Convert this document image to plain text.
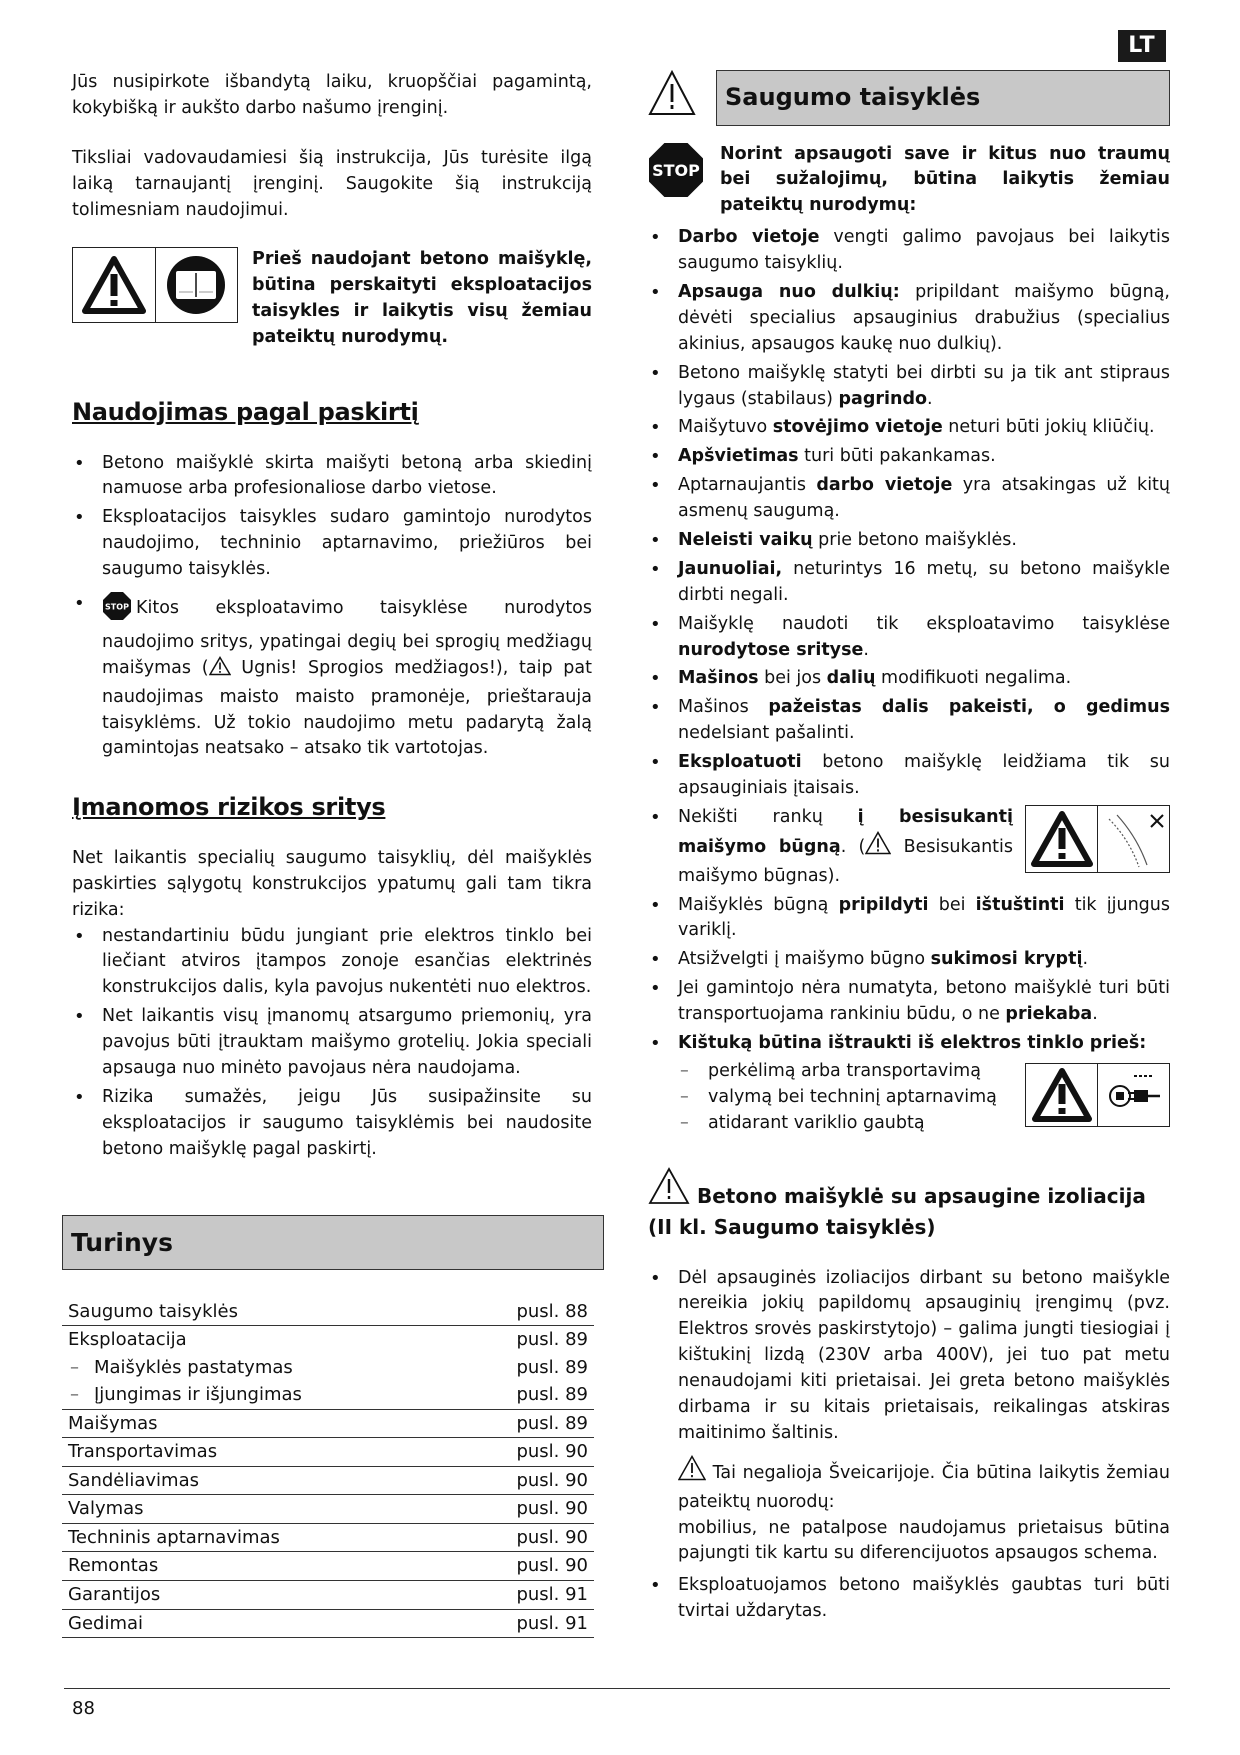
LT

Jūs nusipirkote išbandytą laiku, kruopščiai pagamintą, kokybišką ir aukšto darbo našumo įrenginį.

Tiksliai vadovaudamiesi šią instrukcija, Jūs turėsite ilgą laiką tarnaujantį įrenginį. Saugokite šią instrukciją tolimesniam naudojimui.

Prieš naudojant betono maišyklę, būtina perskaityti eksploatacijos taisykles ir laikytis visų žemiau pateiktų nurodymų.

Naudojimas pagal paskirtį
• Betono maišyklė skirta maišyti betoną arba skiedinį namuose arba profesionaliose darbo vietose.
• Eksploatacijos taisykles sudaro gamintojo nurodytos naudojimo, techninio aptarnavimo, priežiūros bei saugumo taisyklės.
• STOP Kitos eksploatavimo taisyklėse nurodytos naudojimo sritys, ypatingai degių bei sprogių medžiagų maišymas ( Ugnis! Sprogios medžiagos!), taip pat naudojimas maisto maisto pramonėje, prieštarauja taisyklėms. Už tokio naudojimo metu padarytą žalą gamintojas neatsako – atsako tik vartotojas.
Įmanomos rizikos sritys

Net laikantis specialių saugumo taisyklių, dėl maišyklės paskirties sąlygotų konstrukcijos ypatumų gali tam tikra rizika:

• nestandartiniu būdu jungiant prie elektros tinklo bei liečiant atviros įtampos zonoje esančias elektrinės konstrukcijos dalis, kyla pavojus nukentėti nuo elektros.
• Net laikantis visų įmanomų atsargumo priemonių, yra pavojus būti įtrauktam maišymo grotelių. Jokia speciali apsauga nuo minėto pavojaus nėra naudojama.
• Rizika sumažės, jeigu Jūs susipažinsite su eksploatacijos ir saugumo taisyklėmis bei naudosite betono maišyklę pagal paskirtį.
Turinys
Saugumo taisyklės	pusl. 88
Eksploatacija	pusl. 89
– Maišyklės pastatymas	pusl. 89
– Įjungimas ir išjungimas	pusl. 89
Maišymas	pusl. 89
Transportavimas	pusl. 90
Sandėliavimas	pusl. 90
Valymas	pusl. 90
Techninis aptarnavimas	pusl. 90
Remontas	pusl. 90
Garantijos	pusl. 91
Gedimai	pusl. 91
Saugumo taisyklės
STOP
Norint apsaugoti save ir kitus nuo traumų bei sužalojimų, būtina laikytis žemiau pateiktų nurodymų:
• Darbo vietoje vengti galimo pavojaus bei laikytis saugumo taisyklių.
• Apsauga nuo dulkių: pripildant maišymo būgną, dėvėti specialius apsauginius drabužius (specialius akinius, apsaugos kaukę nuo dulkių).
• Betono maišyklę statyti bei dirbti su ja tik ant stipraus lygaus (stabilaus) pagrindo.
• Maišytuvo stovėjimo vietoje neturi būti jokių kliūčių.
• Apšvietimas turi būti pakankamas.
• Aptarnaujantis darbo vietoje yra atsakingas už kitų asmenų saugumą.
• Neleisti vaikų prie betono maišyklės.
• Jaunuoliai, neturintys 16 metų, su betono maišykle dirbti negali.
• Maišyklę naudoti tik eksploatavimo taisyklėse nurodytose srityse.
• Mašinos bei jos dalių modifikuoti negalima.
• Mašinos pažeistas dalis pakeisti, o gedimus nedelsiant pašalinti.
• Eksploatuoti betono maišyklę leidžiama tik su apsauginiais įtaisais.
• Nekišti rankų į besisukantį maišymo būgną. ( Besisukantis maišymo būgnas).
• Maišyklės būgną pripildyti bei ištuštinti tik įjungus variklį.
• Atsižvelgti į maišymo būgno sukimosi kryptį.
• Jei gamintojo nėra numatyta, betono maišyklė turi būti transportuojama rankiniu būdu, o ne priekaba.
• Kištuką būtina ištraukti iš elektros tinklo prieš:
– perkėlimą arba transportavimą
– valymą bei techninį aptarnavimą
– atidarant variklio gaubtą
Betono maišyklė su apsaugine izoliacija
(II kl. Saugumo taisyklės)

• Dėl apsauginės izoliacijos dirbant su betono maišykle nereikia jokių papildomų apsauginių įrengimų (pvz. Elektros srovės paskirstytojo) – galima jungti tiesiogiai į kištukinį lizdą (230V arba 400V), jei tuo pat metu nenaudojami kiti prietaisai. Jei greta betono maišyklės dirbama ir su kitais prietaisais, reikalingas atskiras maitinimo šaltinis.

Tai negalioja Šveicarijoje. Čia būtina laikytis žemiau pateiktų nuorodų:

mobilius, ne patalpose naudojamus prietaisus būtina pajungti tik kartu su diferencijuotos apsaugos schema.

• Eksploatuojamos betono maišyklės gaubtas turi būti tvirtai uždarytas.
88
